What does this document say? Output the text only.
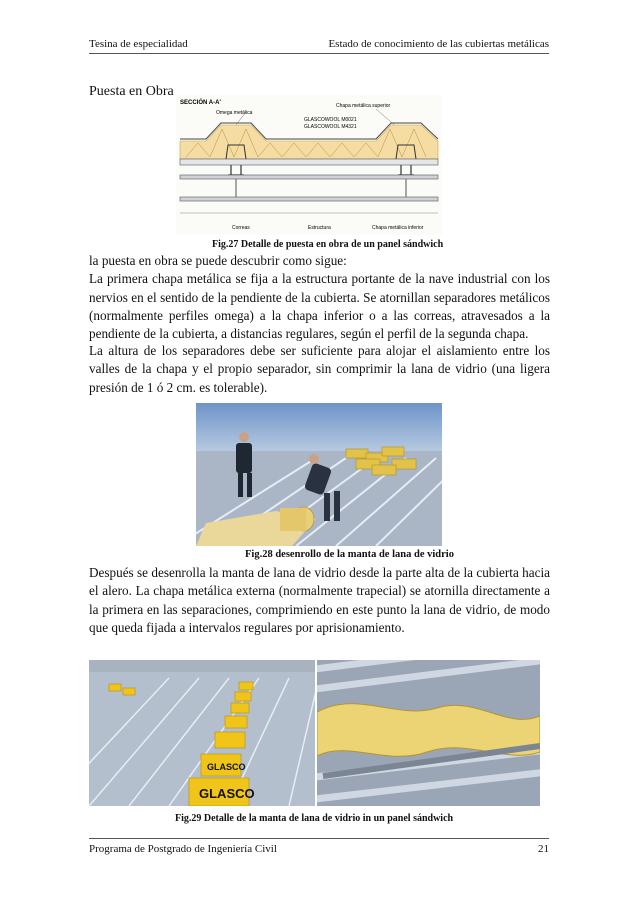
Tesina de especialidad	Estado de conocimiento de las cubiertas metálicas
Puesta en Obra
SECCIÓN A-A'
Omega metálica
Chapa metálica superior
GLASCOWOOL M0021
GLASCOWOOL M4321
Correas	Estructura	Chapa metálica inferior
Fig.27 Detalle de puesta en obra de un panel sándwich

la puesta en obra se puede descubrir como sigue:
La primera chapa metálica se fija a la estructura portante de la nave industrial con los nervios en el sentido de la pendiente de la cubierta. Se atornillan separadores metálicos (normalmente perfiles omega) a la chapa inferior o a las correas, atravesados a la pendiente de la cubierta, a distancias regulares, según el perfil de la segunda chapa.

La altura de los separadores debe ser suficiente para alojar el aislamiento entre los valles de la chapa y el propio separador, sin comprimir la lana de vidrio (una ligera presión de 1 ó 2 cm. es tolerable).

Fig.28 desenrollo de la manta de lana de vidrio

Después se desenrolla la manta de lana de vidrio desde la parte alta de la cubierta hacia el alero. La chapa metálica externa (normalmente trapecial) se atornilla directamente a la primera en las separaciones, comprimiendo en este punto la lana de vidrio, de modo que queda fijada a intervalos regulares por aprisionamiento.

GLASCO
GLASCO
Fig.29 Detalle de la manta de lana de vidrio in un panel sándwich
Programa de Postgrado de Ingeniería Civil	21
